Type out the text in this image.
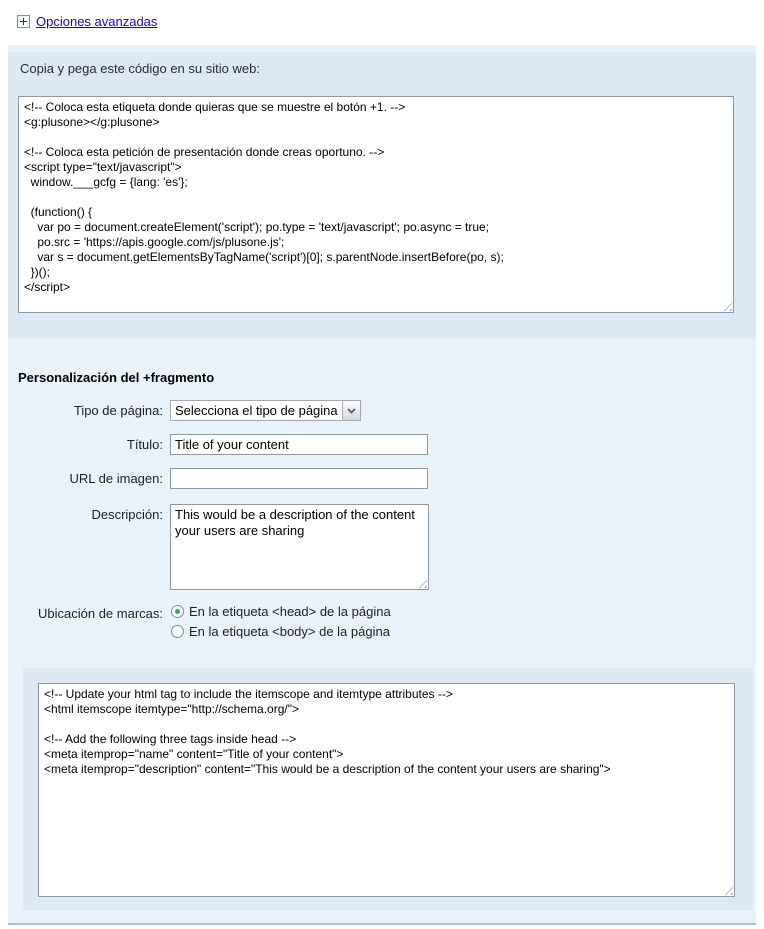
Opciones avanzadas
Copia y pega este código en su sitio web:
<!-- Coloca esta etiqueta donde quieras que se muestre el botón +1. --> <g:plusone></g:plusone> <!-- Coloca esta petición de presentación donde creas oportuno. --> <script type="text/javascript"> window.___gcfg = {lang: 'es'}; (function() { var po = document.createElement('script'); po.type = 'text/javascript'; po.async = true; po.src = 'https://apis.google.com/js/plusone.js'; var s = document.getElementsByTagName('script')[0]; s.parentNode.insertBefore(po, s); })(); </script>
Personalización del +fragmento
Tipo de página: Selecciona el tipo de página
Título:
Title of your content
URL de imagen:
Descripción:
This would be a description of the content your users are sharing
Ubicación de marcas: En la etiqueta <head> de la página
En la etiqueta <body> de la página
<!-- Update your html tag to include the itemscope and itemtype attributes --> <html itemscope itemtype="http://schema.org/"> <!-- Add the following three tags inside head --> <meta itemprop="name" content="Title of your content"> <meta itemprop="description" content="This would be a description of the content your users are sharing">
